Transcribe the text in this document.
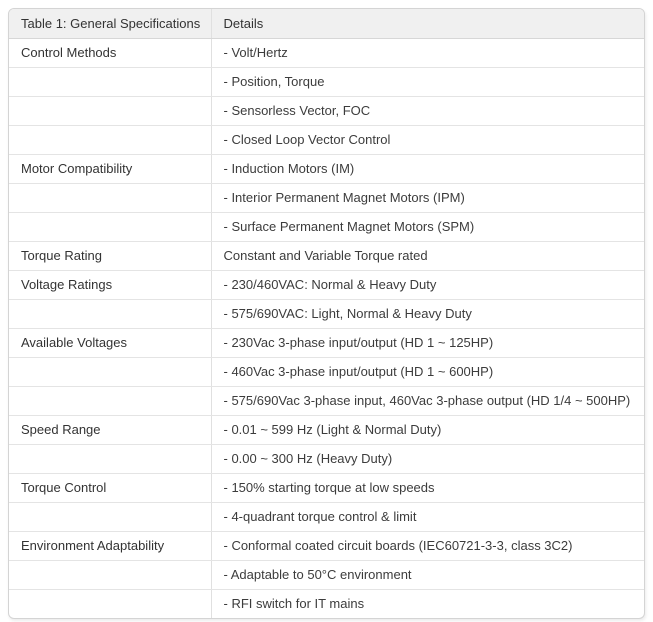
Table 1: General Specifications	Details
Control Methods	- Volt/Hertz
	- Position, Torque
	- Sensorless Vector, FOC
	- Closed Loop Vector Control
Motor Compatibility	- Induction Motors (IM)
	- Interior Permanent Magnet Motors (IPM)
	- Surface Permanent Magnet Motors (SPM)
Torque Rating	Constant and Variable Torque rated
Voltage Ratings	- 230/460VAC: Normal & Heavy Duty
	- 575/690VAC: Light, Normal & Heavy Duty
Available Voltages	- 230Vac 3-phase input/output (HD 1 ~ 125HP)
	- 460Vac 3-phase input/output (HD 1 ~ 600HP)
	- 575/690Vac 3-phase input, 460Vac 3-phase output (HD 1/4 ~ 500HP)
Speed Range	- 0.01 ~ 599 Hz (Light & Normal Duty)
	- 0.00 ~ 300 Hz (Heavy Duty)
Torque Control	- 150% starting torque at low speeds
	- 4-quadrant torque control & limit
Environment Adaptability	- Conformal coated circuit boards (IEC60721-3-3, class 3C2)
	- Adaptable to 50°C environment
	- RFI switch for IT mains
